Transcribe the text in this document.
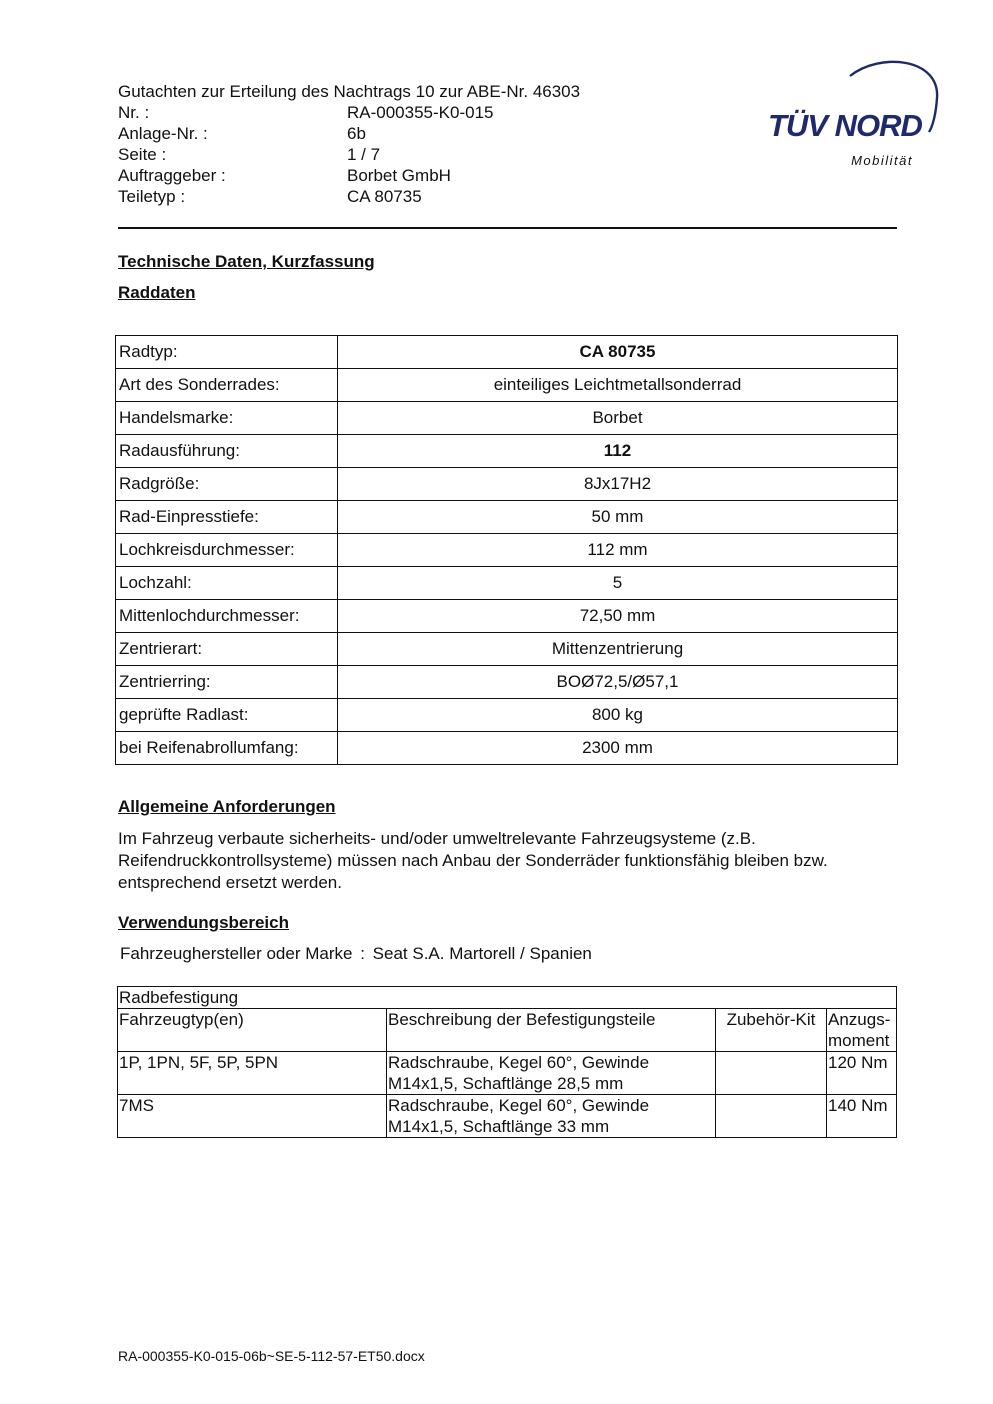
Gutachten zur Erteilung des Nachtrags 10 zur ABE-Nr. 46303
Nr. :	RA-000355-K0-015
Anlage-Nr. :	6b
Seite :	1 / 7
Auftraggeber :	Borbet GmbH
Teiletyp :	CA 80735
TÜV NORD
Mobilität
Technische Daten, Kurzfassung
Raddaten
Radtyp:	CA 80735
Art des Sonderrades:	einteiliges Leichtmetallsonderrad
Handelsmarke:	Borbet
Radausführung:	112
Radgröße:	8Jx17H2
Rad-Einpresstiefe:	50 mm
Lochkreisdurchmesser:	112 mm
Lochzahl:	5
Mittenlochdurchmesser:	72,50 mm
Zentrierart:	Mittenzentrierung
Zentrierring:	BOØ72,5/Ø57,1
geprüfte Radlast:	800 kg
bei Reifenabrollumfang:	2300 mm
Allgemeine Anforderungen
Im Fahrzeug verbaute sicherheits- und/oder umweltrelevante Fahrzeugsysteme (z.B. Reifendruckkontrollsysteme) müssen nach Anbau der Sonderräder funktionsfähig bleiben bzw. entsprechend ersetzt werden.
Verwendungsbereich
Fahrzeughersteller oder Marke : Seat S.A. Martorell / Spanien
Radbefestigung			
Fahrzeugtyp(en)	Beschreibung der Befestigungsteile	Zubehör-Kit	Anzugs-moment
1P, 1PN, 5F, 5P, 5PN	Radschraube, Kegel 60°, Gewinde M14x1,5, Schaftlänge 28,5 mm		120 Nm
7MS	Radschraube, Kegel 60°, Gewinde M14x1,5, Schaftlänge 33 mm		140 Nm
RA-000355-K0-015-06b~SE-5-112-57-ET50.docx
